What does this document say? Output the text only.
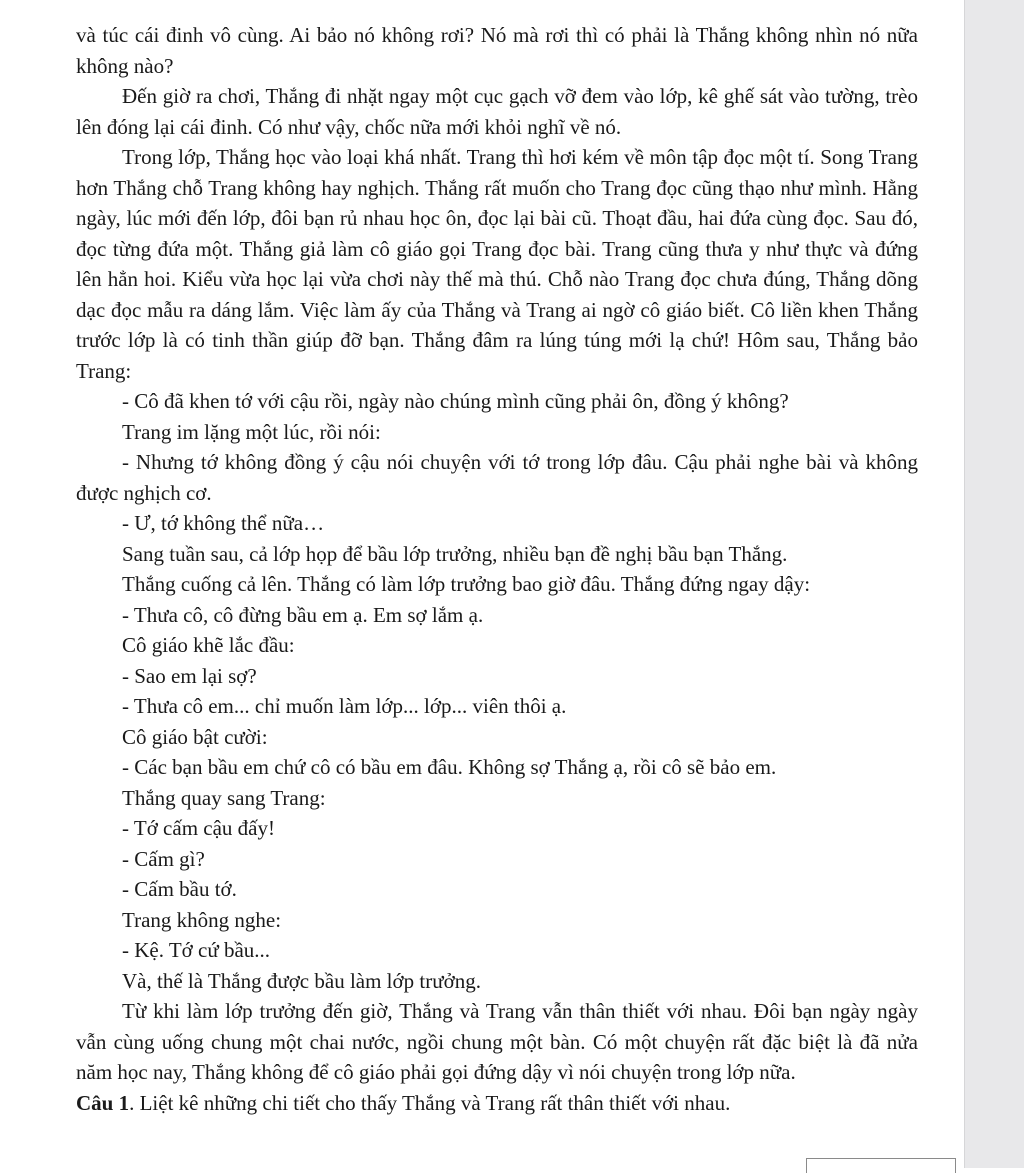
và túc cái đinh vô cùng. Ai bảo nó không rơi? Nó mà rơi thì có phải là Thắng không nhìn nó nữa không nào?

Đến giờ ra chơi, Thắng đi nhặt ngay một cục gạch vỡ đem vào lớp, kê ghế sát vào tường, trèo lên đóng lại cái đinh. Có như vậy, chốc nữa mới khỏi nghĩ về nó.

Trong lớp, Thắng học vào loại khá nhất. Trang thì hơi kém về môn tập đọc một tí. Song Trang hơn Thắng chỗ Trang không hay nghịch. Thắng rất muốn cho Trang đọc cũng thạo như mình. Hằng ngày, lúc mới đến lớp, đôi bạn rủ nhau học ôn, đọc lại bài cũ. Thoạt đầu, hai đứa cùng đọc. Sau đó, đọc từng đứa một. Thắng giả làm cô giáo gọi Trang đọc bài. Trang cũng thưa y như thực và đứng lên hẳn hoi. Kiểu vừa học lại vừa chơi này thế mà thú. Chỗ nào Trang đọc chưa đúng, Thắng dõng dạc đọc mẫu ra dáng lắm. Việc làm ấy của Thắng và Trang ai ngờ cô giáo biết. Cô liền khen Thắng trước lớp là có tinh thần giúp đỡ bạn. Thắng đâm ra lúng túng mới lạ chứ! Hôm sau, Thắng bảo Trang:

- Cô đã khen tớ với cậu rồi, ngày nào chúng mình cũng phải ôn, đồng ý không?

Trang im lặng một lúc, rồi nói:

- Nhưng tớ không đồng ý cậu nói chuyện với tớ trong lớp đâu. Cậu phải nghe bài và không được nghịch cơ.

- Ư, tớ không thể nữa…

Sang tuần sau, cả lớp họp để bầu lớp trưởng, nhiều bạn đề nghị bầu bạn Thắng.

Thắng cuống cả lên. Thắng có làm lớp trưởng bao giờ đâu. Thắng đứng ngay dậy:

- Thưa cô, cô đừng bầu em ạ. Em sợ lắm ạ.

Cô giáo khẽ lắc đầu:

- Sao em lại sợ?

- Thưa cô em... chỉ muốn làm lớp... lớp... viên thôi ạ.

Cô giáo bật cười:

- Các bạn bầu em chứ cô có bầu em đâu. Không sợ Thắng ạ, rồi cô sẽ bảo em.

Thắng quay sang Trang:

- Tớ cấm cậu đấy!

- Cấm gì?

- Cấm bầu tớ.

Trang không nghe:

- Kệ. Tớ cứ bầu...

Và, thế là Thắng được bầu làm lớp trưởng.

Từ khi làm lớp trưởng đến giờ, Thắng và Trang vẫn thân thiết với nhau. Đôi bạn ngày ngày vẫn cùng uống chung một chai nước, ngồi chung một bàn. Có một chuyện rất đặc biệt là đã nửa năm học nay, Thắng không để cô giáo phải gọi đứng dậy vì nói chuyện trong lớp nữa.

Câu 1. Liệt kê những chi tiết cho thấy Thắng và Trang rất thân thiết với nhau.
